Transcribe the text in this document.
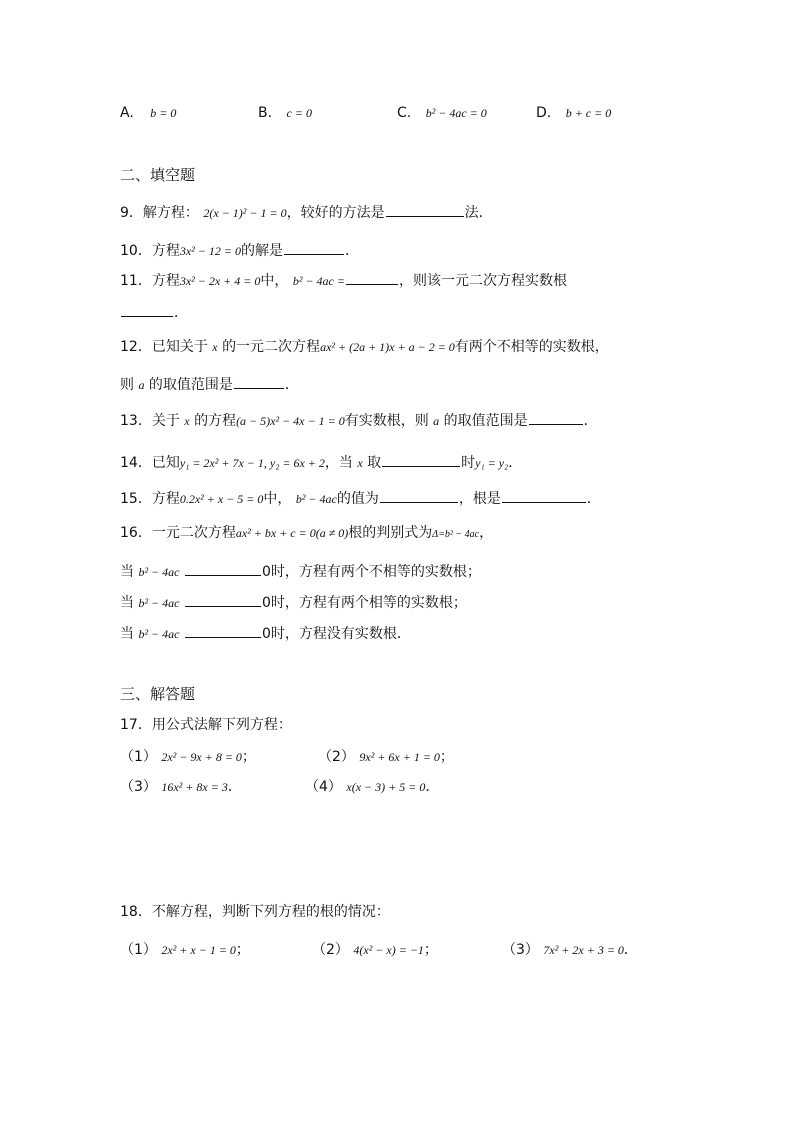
A. b = 0	B. c = 0	C. b² − 4ac = 0	D. b + c = 0
二、填空题
9．解方程： 2(x − 1)² − 1 = 0，较好的方法是	法．
10．方程3x² − 12 = 0的解是	．
11．方程3x² − 2x + 4 = 0中， b² − 4ac =	，则该一元二次方程实数根
．
12．已知关于 x 的一元二次方程ax² + (2a + 1)x + a − 2 = 0有两个不相等的实数根，
则 a 的取值范围是	．
13．关于 x 的方程(a − 5)x² − 4x − 1 = 0有实数根，则 a 的取值范围是	．
14．已知y₁ = 2x² + 7x − 1, y₂ = 6x + 2，当 x 取	时y₁ = y₂．
15．方程0.2x² + x − 5 = 0中， b² − 4ac的值为	，根是	．
16．一元二次方程ax² + bx + c = 0(a ≠ 0)根的判别式为Δ=b² − 4ac，
当 b² − 4ac	0时，方程有两个不相等的实数根；
当 b² − 4ac	0时，方程有两个相等的实数根；
当 b² − 4ac	0时，方程没有实数根．
三、解答题
17．用公式法解下列方程：
（1） 2x² − 9x + 8 = 0；	（2） 9x² + 6x + 1 = 0；
（3） 16x² + 8x = 3．	（4） x(x − 3) + 5 = 0．
18．不解方程，判断下列方程的根的情况：
（1） 2x² + x − 1 = 0；	（2） 4(x² − x) = −1；	（3） 7x² + 2x + 3 = 0．
